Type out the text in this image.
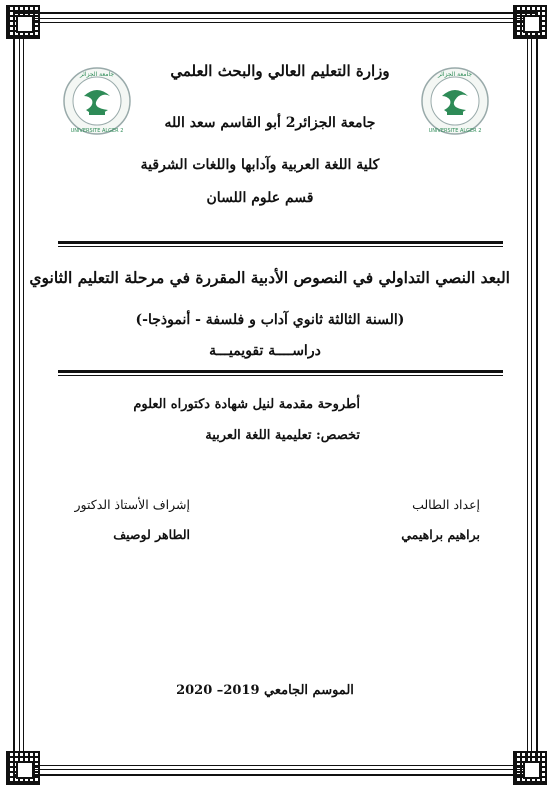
جامعة الجزائر
UNIVERSITE ALGER 2
جامعة الجزائر
UNIVERSITE ALGER 2
وزارة التعليم العالي والبحث العلمي
جامعة الجزائر2 أبو القاسم سعد الله
كلية اللغة العربية وآدابها واللغات الشرقية
قسم علوم اللسان
البعد النصي التداولي في النصوص الأدبية المقررة في مرحلة التعليم الثانوي
(السنة الثالثة ثانوي آداب و فلسفة - أنموذجا-)
دراســــة تقويميـــة
أطروحة مقدمة لنيل شهادة دكتوراه العلوم
تخصص: تعليمية اللغة العربية
إعداد الطالب
براهيم براهيمي
إشراف الأستاذ الدكتور
الطاهر لوصيف
الموسم الجامعي 2019– 2020
